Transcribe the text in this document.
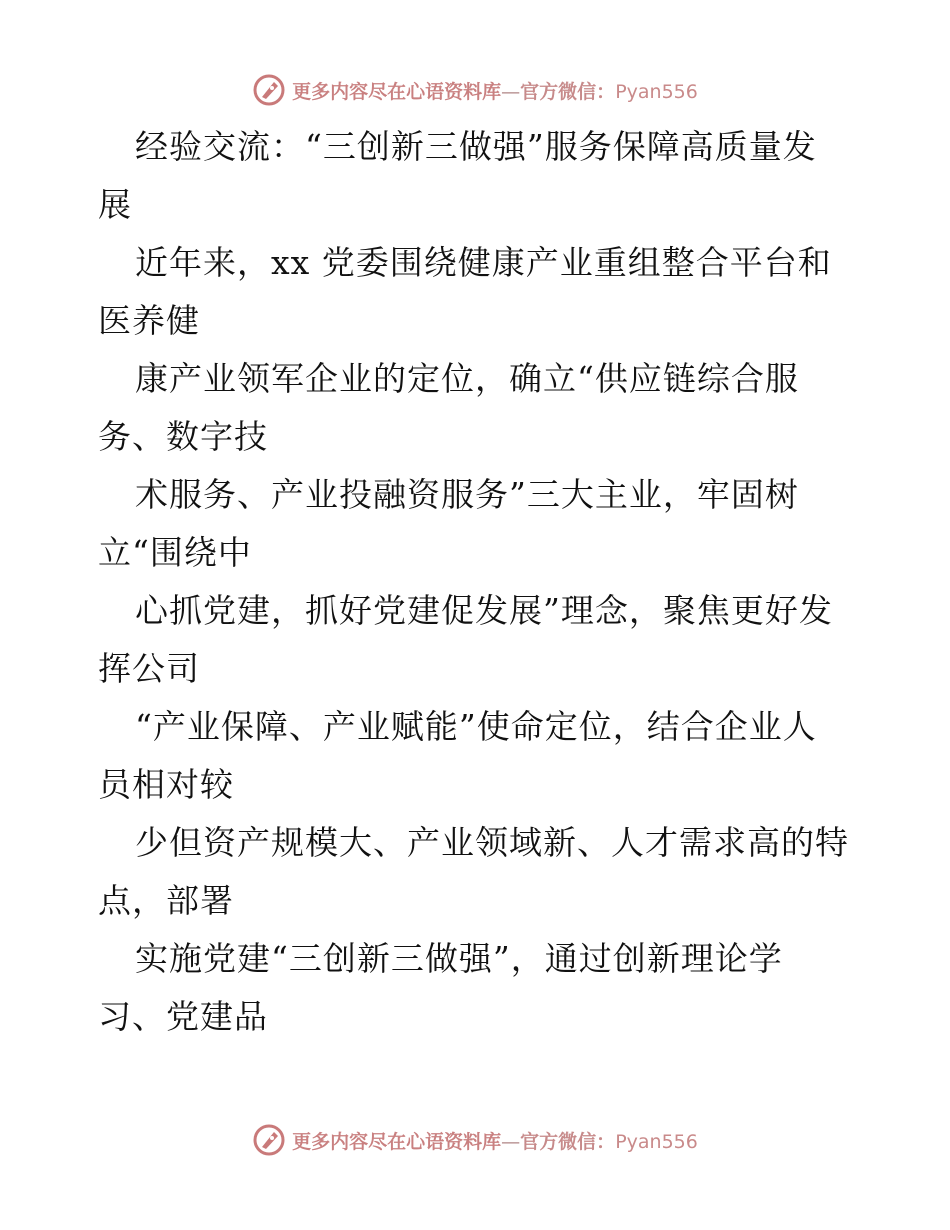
更多内容尽在心语资料库—官方微信：Pyan556
经验交流：“三创新三做强”服务保障高质量发
展
近年来，xx 党委围绕健康产业重组整合平台和
医养健
康产业领军企业的定位，确立“供应链综合服
务、数字技
术服务、产业投融资服务”三大主业，牢固树
立“围绕中
心抓党建，抓好党建促发展”理念，聚焦更好发
挥公司
“产业保障、产业赋能”使命定位，结合企业人
员相对较
少但资产规模大、产业领域新、人才需求高的特
点，部署
实施党建“三创新三做强”，通过创新理论学
习、党建品
更多内容尽在心语资料库—官方微信：Pyan556
